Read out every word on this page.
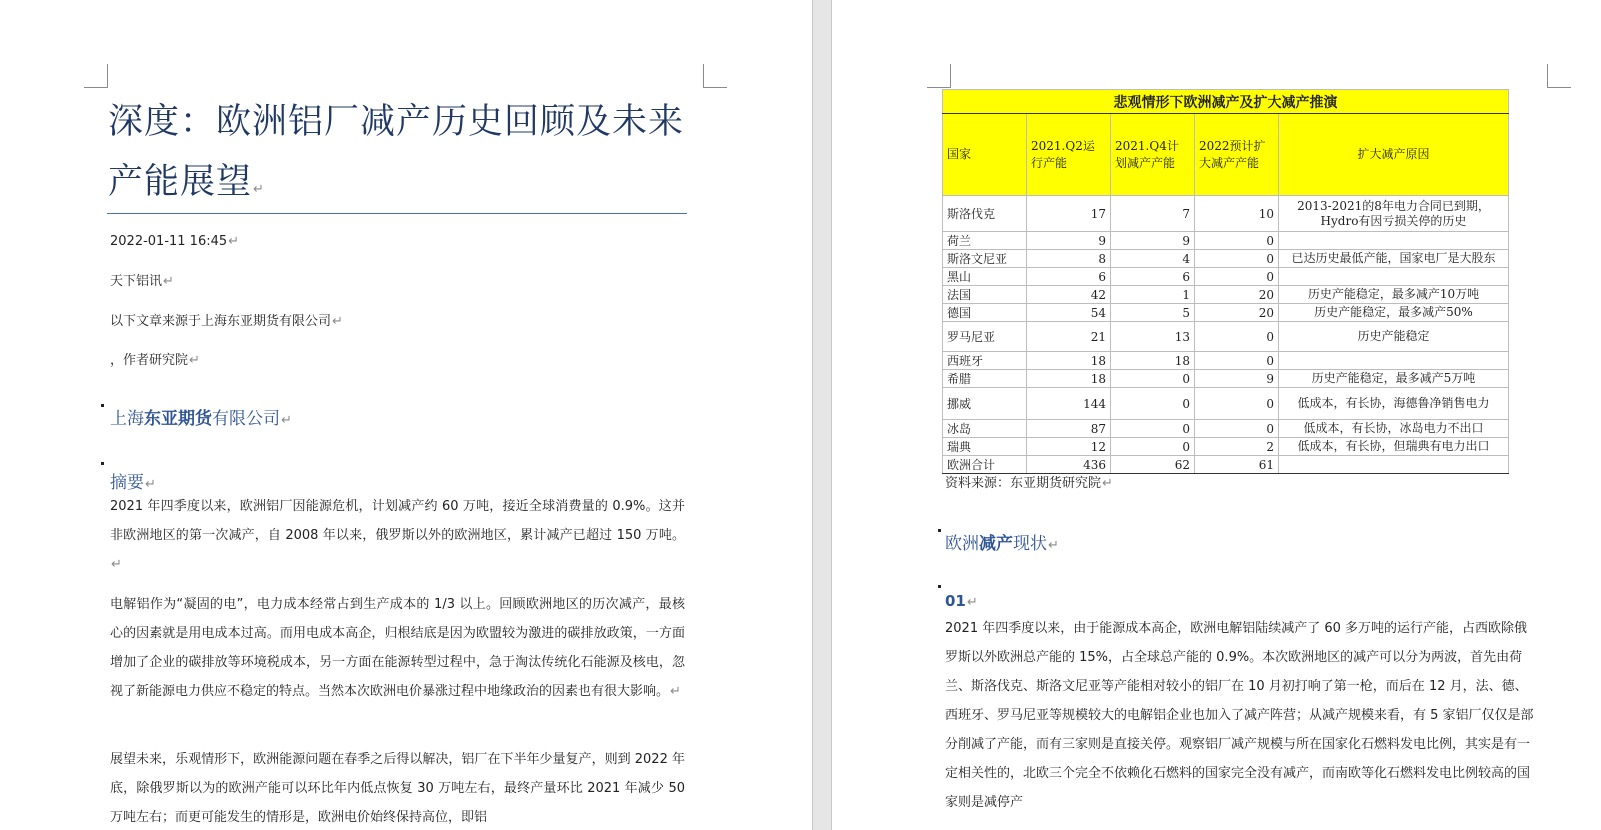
深度：欧洲铝厂减产历史回顾及未来产能展望↵
2022-01-11 16:45↵
天下铝讯↵
以下文章来源于上海东亚期货有限公司↵
，作者研究院↵
上海东亚期货有限公司↵
摘要↵

2021 年四季度以来，欧洲铝厂因能源危机，计划减产约 60 万吨，接近全球消费量的 0.9%。这并非欧洲地区的第一次减产，自 2008 年以来，俄罗斯以外的欧洲地区，累计减产已超过 150 万吨。↵

电解铝作为“凝固的电”，电力成本经常占到生产成本的 1/3 以上。回顾欧洲地区的历次减产，最核心的因素就是用电成本过高。而用电成本高企，归根结底是因为欧盟较为激进的碳排放政策，一方面增加了企业的碳排放等环境税成本，另一方面在能源转型过程中，急于淘汰传统化石能源及核电，忽视了新能源电力供应不稳定的特点。当然本次欧洲电价暴涨过程中地缘政治的因素也有很大影响。↵

展望未来，乐观情形下，欧洲能源问题在春季之后得以解决，铝厂在下半年少量复产，则到 2022 年底，除俄罗斯以为的欧洲产能可以环比年内低点恢复 30 万吨左右，最终产量环比 2021 年减少 50 万吨左右；而更可能发生的情形是，欧洲电价始终保持高位，即铝

悲观情形下欧洲减产及扩大减产推演				
国家	2021.Q2运行产能	2021.Q4计划减产产能	2022预计扩大减产产能	扩大减产原因
斯洛伐克	17	7	10	2013-2021的8年电力合同已到期，Hydro有因亏损关停的历史
荷兰	9	9	0	
斯洛文尼亚	8	4	0	已达历史最低产能，国家电厂是大股东
黑山	6	6	0	
法国	42	1	20	历史产能稳定，最多减产10万吨
德国	54	5	20	历史产能稳定，最多减产50%
罗马尼亚	21	13	0	历史产能稳定
西班牙	18	18	0	
希腊	18	0	9	历史产能稳定，最多减产5万吨
挪威	144	0	0	低成本，有长协，海德鲁净销售电力
冰岛	87	0	0	低成本，有长协，冰岛电力不出口
瑞典	12	0	2	低成本，有长协，但瑞典有电力出口
欧洲合计	436	62	61	
资料来源：东亚期货研究院↵
欧洲减产现状↵
01↵

2021 年四季度以来，由于能源成本高企，欧洲电解铝陆续减产了 60 多万吨的运行产能，占西欧除俄罗斯以外欧洲总产能的 15%，占全球总产能的 0.9%。本次欧洲地区的减产可以分为两波，首先由荷兰、斯洛伐克、斯洛文尼亚等产能相对较小的铝厂在 10 月初打响了第一枪，而后在 12 月，法、德、西班牙、罗马尼亚等规模较大的电解铝企业也加入了减产阵营；从减产规模来看，有 5 家铝厂仅仅是部分削减了产能，而有三家则是直接关停。观察铝厂减产规模与所在国家化石燃料发电比例，其实是有一定相关性的，北欧三个完全不依赖化石燃料的国家完全没有减产，而南欧等化石燃料发电比例较高的国家则是减停产
